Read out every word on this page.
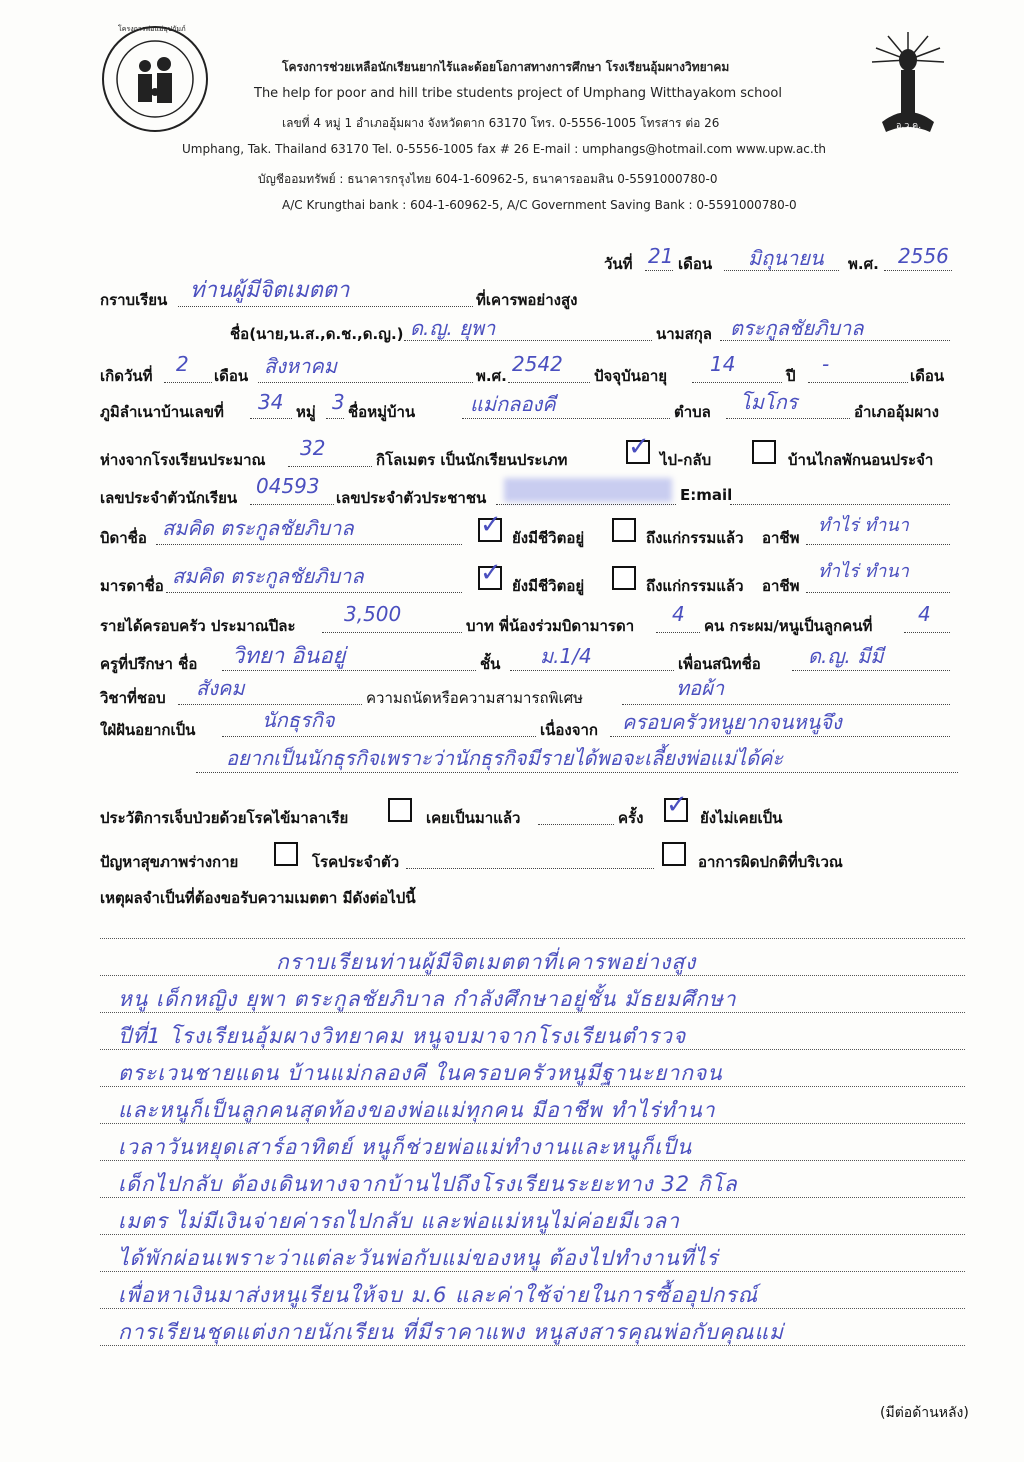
โครงการพ่อแม่อุปถัมภ์
อ.ว.ค.
โครงการช่วยเหลือนักเรียนยากไร้และด้อยโอกาสทางการศึกษา โรงเรียนอุ้มผางวิทยาคม
The help for poor and hill tribe students project of Umphang Witthayakom school
เลขที่ 4 หมู่ 1 อำเภออุ้มผาง จังหวัดตาก 63170 โทร. 0-5556-1005 โทรสาร ต่อ 26
Umphang, Tak. Thailand 63170 Tel. 0-5556-1005 fax # 26 E-mail : umphangs@hotmail.com www.upw.ac.th
บัญชีออมทรัพย์ : ธนาคารกรุงไทย 604-1-60962-5, ธนาคารออมสิน 0-5591000780-0
A/C Krungthai bank : 604-1-60962-5, A/C Government Saving Bank : 0-5591000780-0
วันที่ 21 เดือน มิถุนายน พ.ศ. 2556
กราบเรียน ท่านผู้มีจิตเมตตา	ที่เคารพอย่างสูง
ชื่อ(นาย,น.ส.,ด.ช.,ด.ญ.) ด.ญ. ยุพา	นามสกุล ตระกูลชัยภิบาล
เกิดวันที่ 2 เดือน สิงหาคม	พ.ศ. 2542 ปัจจุบันอายุ 14	ปี -	เดือน
ภูมิลำเนาบ้านเลขที่ 34 หมู่ 3 ชื่อหมู่บ้าน	แม่กลองคี	ตำบล โมโกร	อำเภออุ้มผาง
ห่างจากโรงเรียนประมาณ 32	กิโลเมตร เป็นนักเรียนประเภท ✓ ไป-กลับ	บ้านไกลพักนอนประจำ
เลขประจำตัวนักเรียน 04593 เลขประจำตัวประชาชน	E:mail
บิดาชื่อ สมคิด ตระกูลชัยภิบาล	✓ ยังมีชีวิตอยู่	ถึงแก่กรรมแล้ว อาชีพ
ทำไร่ ทำนา
มารดาชื่อ สมคิด ตระกูลชัยภิบาล	✓ ยังมีชีวิตอยู่	ถึงแก่กรรมแล้ว อาชีพ
ทำไร่ ทำนา
รายได้ครอบครัว ประมาณปีละ 3,500	บาท พี่น้องร่วมบิดามารดา 4 คน กระผม/หนูเป็นลูกคนที่ 4
ครูที่ปรึกษา ชื่อ วิทยา อินอยู่	ชั้น ม.1/4	เพื่อนสนิทชื่อ ด.ญ. มีมี
วิชาที่ชอบ สังคม	ความถนัดหรือความสามารถพิเศษ	ทอผ้า
ใฝ่ฝันอยากเป็น	นักธุรกิจ	เนื่องจาก ครอบครัวหนูยากจนหนูจึง
อยากเป็นนักธุรกิจเพราะว่านักธุรกิจมีรายได้พอจะเลี้ยงพ่อแม่ได้ค่ะ
ประวัติการเจ็บป่วยด้วยโรคไข้มาลาเรีย	เคยเป็นมาแล้ว	ครั้ง ✓ ยังไม่เคยเป็น
ปัญหาสุขภาพร่างกาย	โรคประจำตัว	อาการผิดปกติที่บริเวณ
เหตุผลจำเป็นที่ต้องขอรับความเมตตา มีดังต่อไปนี้
กราบเรียนท่านผู้มีจิตเมตตาที่เคารพอย่างสูง
หนู เด็กหญิง ยุพา ตระกูลชัยภิบาล กำลังศึกษาอยู่ชั้น มัธยมศึกษา
ปีที่1 โรงเรียนอุ้มผางวิทยาคม หนูจบมาจากโรงเรียนตำรวจ
ตระเวนชายแดน บ้านแม่กลองคี ในครอบครัวหนูมีฐานะยากจน
และหนูก็เป็นลูกคนสุดท้องของพ่อแม่ทุกคน มีอาชีพ ทำไร่ทำนา
เวลาวันหยุดเสาร์อาทิตย์ หนูก็ช่วยพ่อแม่ทำงานและหนูก็เป็น
เด็กไปกลับ ต้องเดินทางจากบ้านไปถึงโรงเรียนระยะทาง 32 กิโล
เมตร ไม่มีเงินจ่ายค่ารถไปกลับ และพ่อแม่หนูไม่ค่อยมีเวลา
ได้พักผ่อนเพราะว่าแต่ละวันพ่อกับแม่ของหนู ต้องไปทำงานที่ไร่
เพื่อหาเงินมาส่งหนูเรียนให้จบ ม.6 และค่าใช้จ่ายในการซื้ออุปกรณ์
การเรียนชุดแต่งกายนักเรียน ที่มีราคาแพง หนูสงสารคุณพ่อกับคุณแม่
(มีต่อด้านหลัง)
